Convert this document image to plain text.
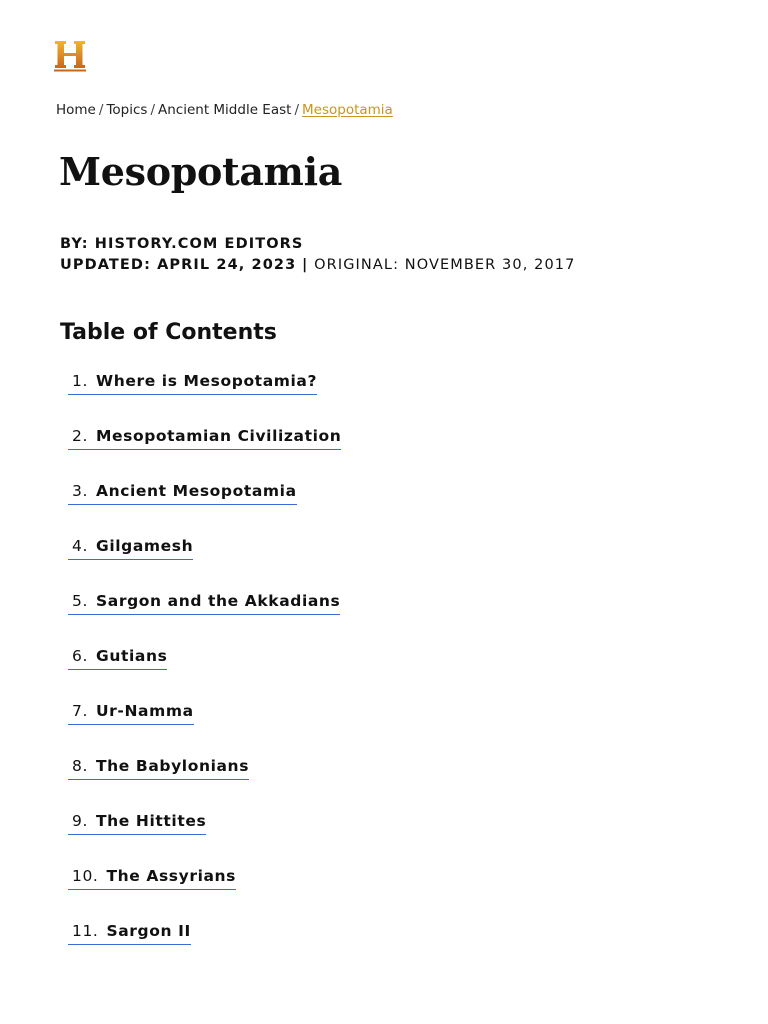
Home / Topics / Ancient Middle East / Mesopotamia
Mesopotamia
BY: HISTORY.COM EDITORS
UPDATED: APRIL 24, 2023 | ORIGINAL: NOVEMBER 30, 2017
Table of Contents
1. Where is Mesopotamia?
2. Mesopotamian Civilization
3. Ancient Mesopotamia
4. Gilgamesh
5. Sargon and the Akkadians
6. Gutians
7. Ur-Namma
8. The Babylonians
9. The Hittites
10. The Assyrians
11. Sargon II
